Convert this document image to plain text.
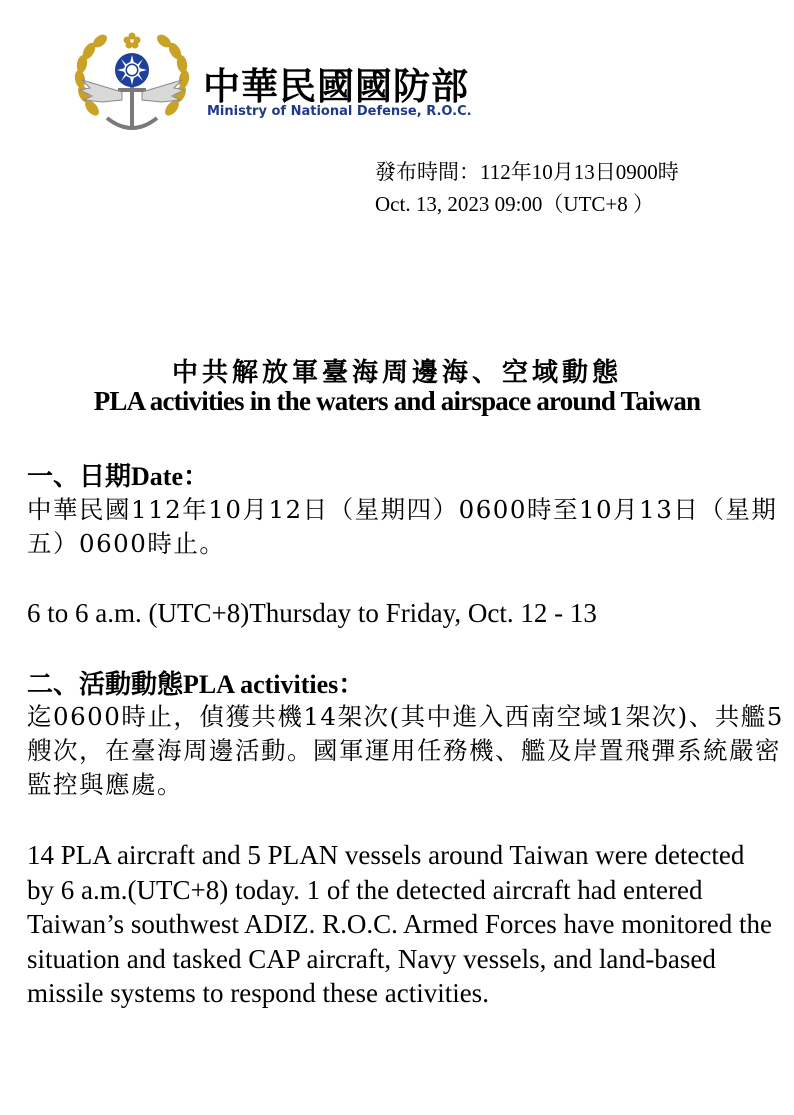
中華民國國防部
Ministry of National Defense, R.O.C.
發布時間：112年10月13日0900時
Oct. 13, 2023 09:00（UTC+8 ）
中共解放軍臺海周邊海、空域動態
PLA activities in the waters and airspace around Taiwan
一、日期Date：
中華民國112年10月12日（星期四）0600時至10月13日（星期五）0600時止。
6 to 6 a.m. (UTC+8)Thursday to Friday, Oct. 12 - 13
二、活動動態PLA activities：
迄0600時止，偵獲共機14架次(其中進入西南空域1架次)、共艦5艘次，在臺海周邊活動。國軍運用任務機、艦及岸置飛彈系統嚴密監控與應處。
14 PLA aircraft and 5 PLAN vessels around Taiwan were detected by 6 a.m.(UTC+8) today. 1 of the detected aircraft had entered Taiwan’s southwest ADIZ. R.O.C. Armed Forces have monitored the situation and tasked CAP aircraft, Navy vessels, and land-based missile systems to respond these activities.
